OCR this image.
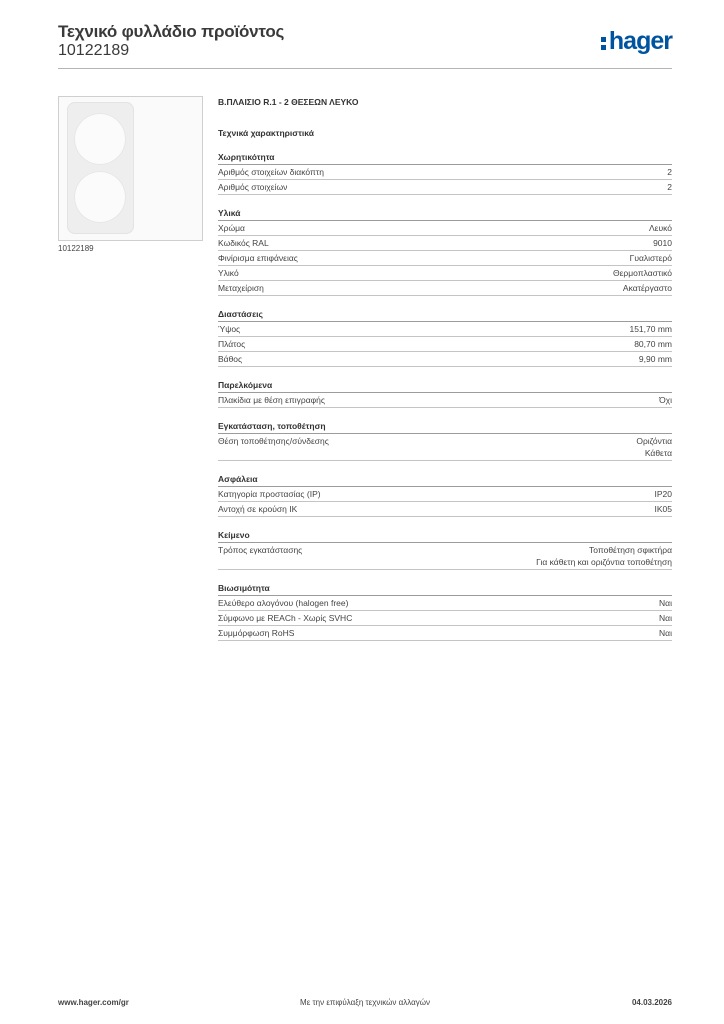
Τεχνικό φυλλάδιο προϊόντος
10122189	hager
10122189
Β.ΠΛΑΙΣΙΟ R.1 - 2 ΘΕΣΕΩΝ ΛΕΥΚΟ
Τεχνικά χαρακτηριστικά
Χωρητικότητα
Αριθμός στοιχείων διακόπτη	2
Αριθμός στοιχείων	2
Υλικά
Χρώμα	Λευκό
Κωδικός RAL	9010
Φινίρισμα επιφάνειας	Γυαλιστερό
Υλικό	Θερμοπλαστικό
Μεταχείριση	Ακατέργαστο
Διαστάσεις
Ύψος	151,70 mm
Πλάτος	80,70 mm
Βάθος	9,90 mm
Παρελκόμενα
Πλακίδια με θέση επιγραφής	Όχι
Εγκατάσταση, τοποθέτηση
Θέση τοποθέτησης/σύνδεσης	Οριζόντια
Κάθετα
Ασφάλεια
Κατηγορία προστασίας (IP)	IP20
Αντοχή σε κρούση IK	IK05
Κείμενο
Τρόπος εγκατάστασης	Τοποθέτηση σφικτήρα
Για κάθετη και οριζόντια τοποθέτηση
Βιωσιμότητα
Ελεύθερο αλογόνου (halogen free)	Ναι
Σύμφωνο με REACh - Χωρίς SVHC	Ναι
Συμμόρφωση RoHS	Ναι
www.hager.com/gr	Με την επιφύλαξη τεχνικών αλλαγών	04.03.2026
